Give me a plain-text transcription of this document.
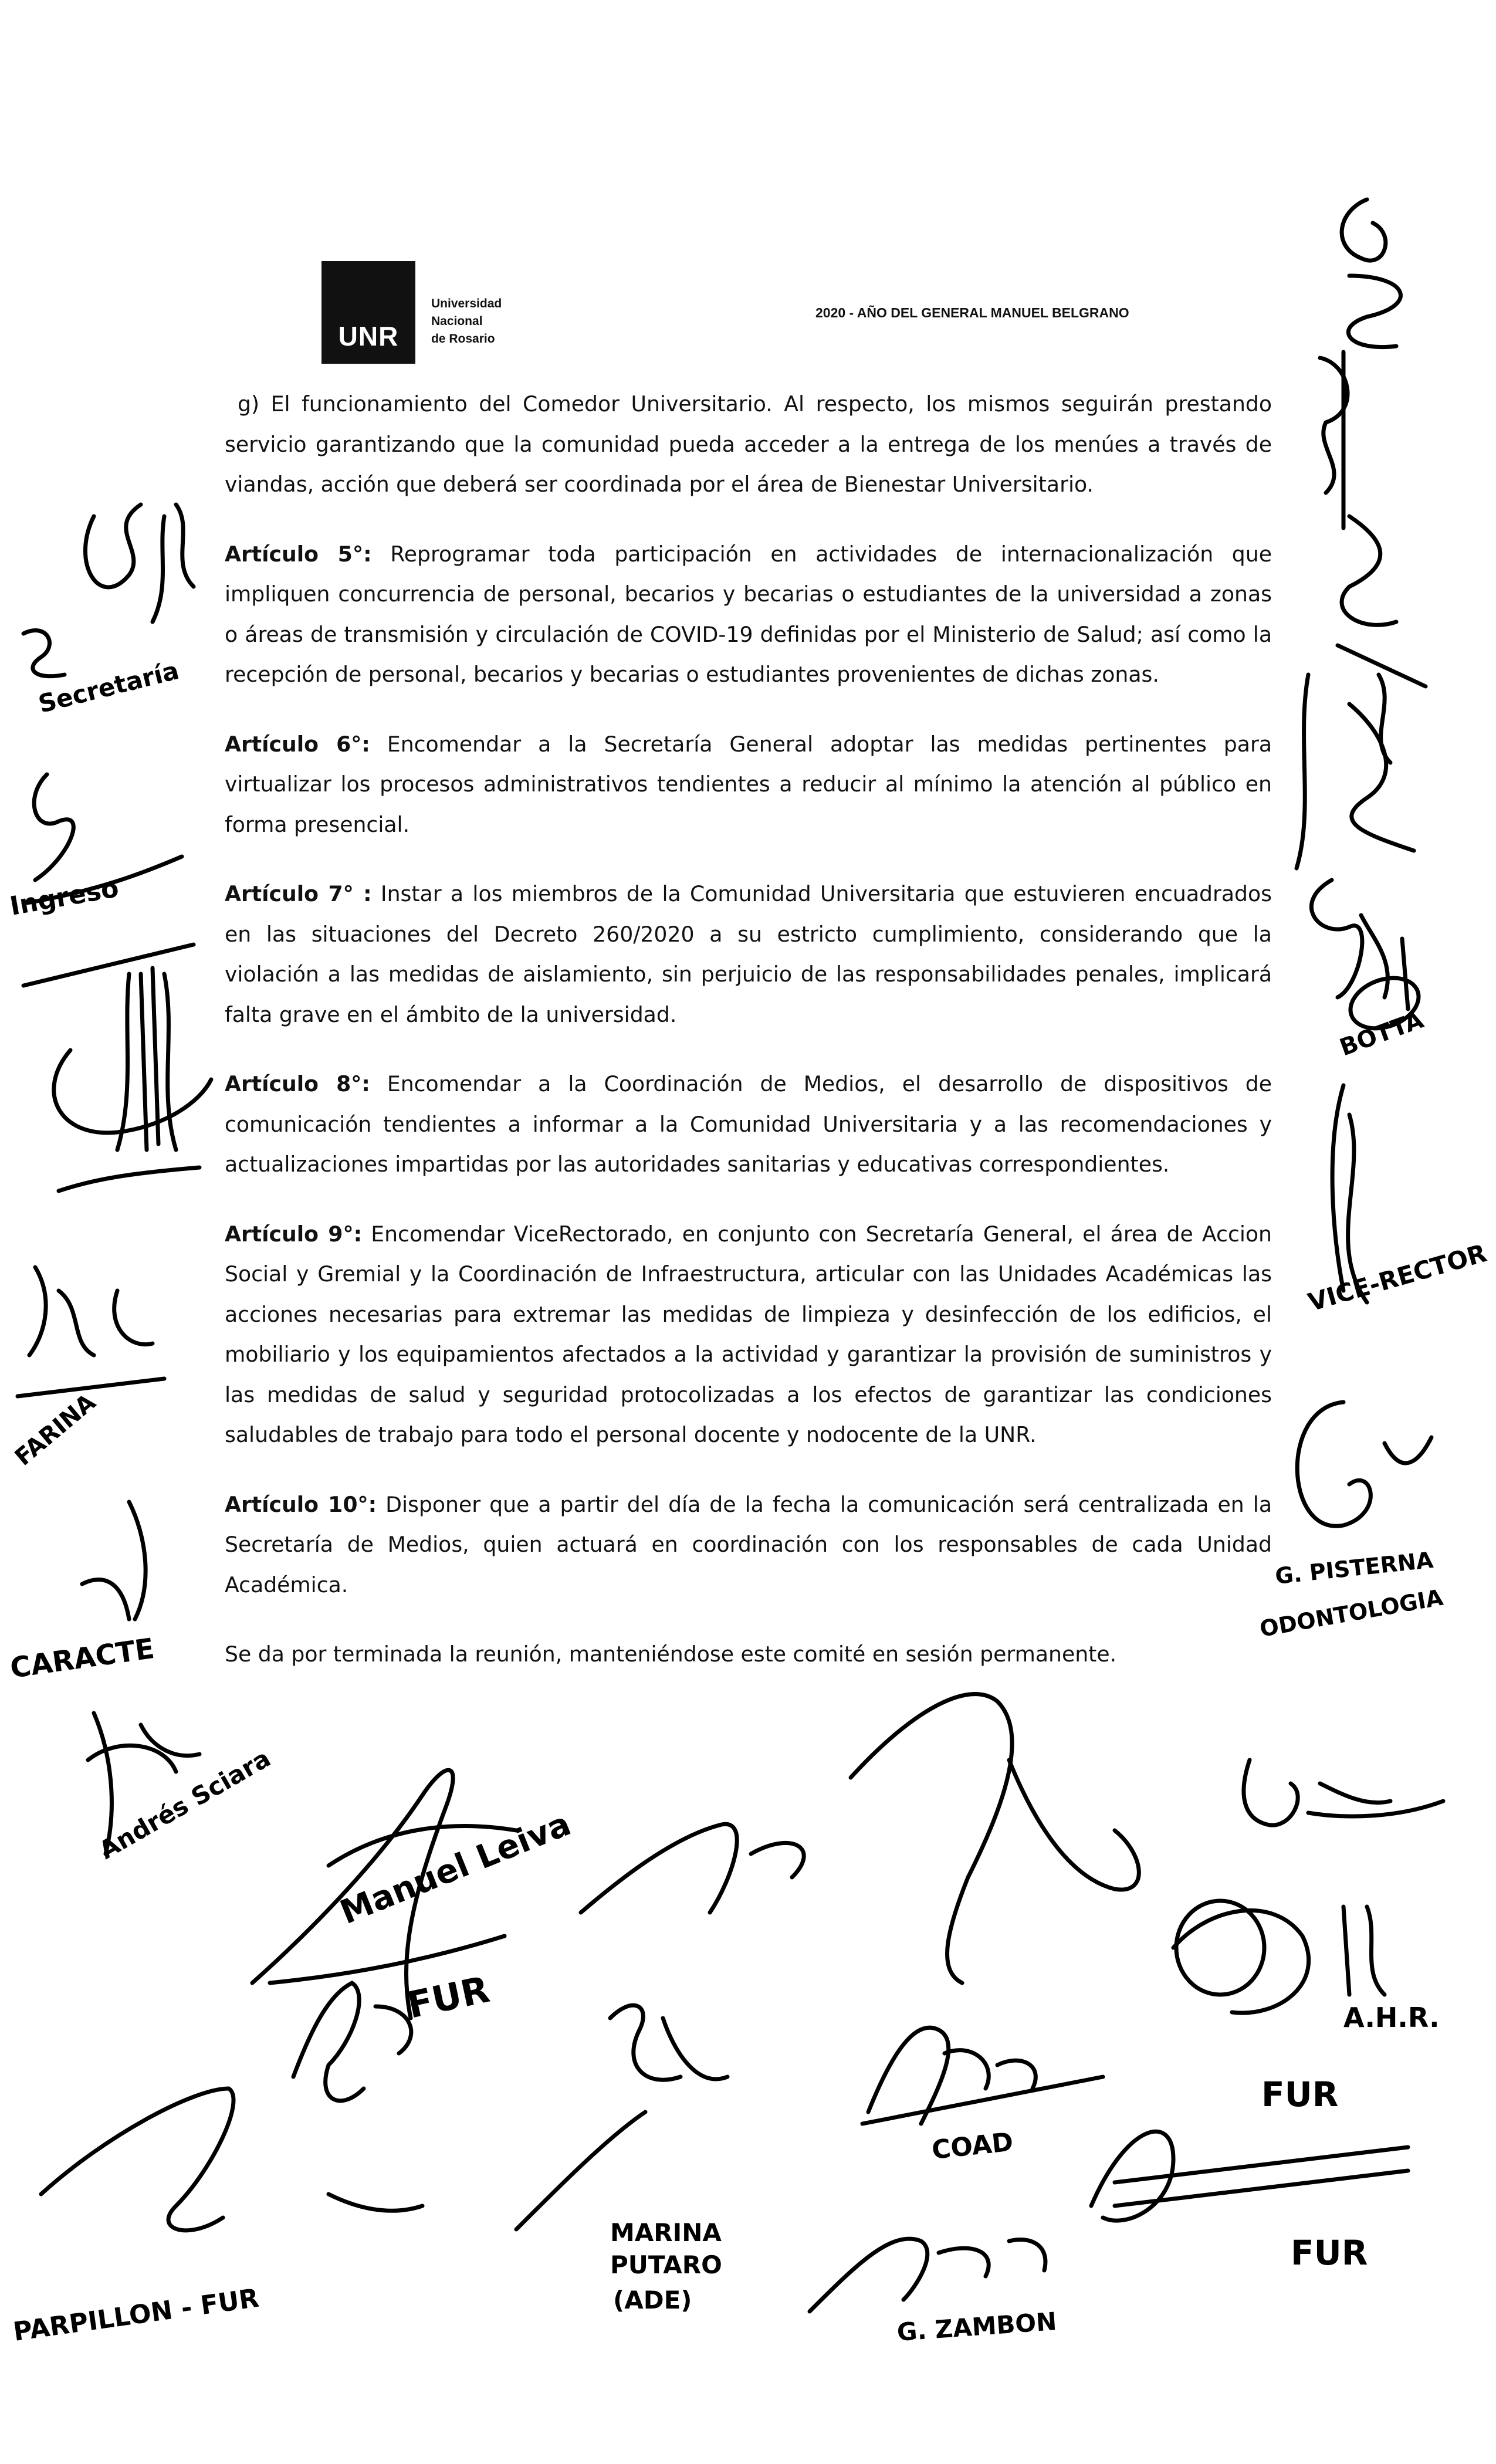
UNR
Universidad
Nacional
de Rosario
2020 - AÑO DEL GENERAL MANUEL BELGRANO

g) El funcionamiento del Comedor Universitario. Al respecto, los mismos seguirán prestando servicio garantizando que la comunidad pueda acceder a la entrega de los menúes a través de viandas, acción que deberá ser coordinada por el área de Bienestar Universitario.

Artículo 5°: Reprogramar toda participación en actividades de internacionalización que impliquen concurrencia de personal, becarios y becarias o estudiantes de la universidad a zonas o áreas de transmisión y circulación de COVID-19 definidas por el Ministerio de Salud; así como la recepción de personal, becarios y becarias o estudiantes provenientes de dichas zonas.

Artículo 6°: Encomendar a la Secretaría General adoptar las medidas pertinentes para virtualizar los procesos administrativos tendientes a reducir al mínimo la atención al público en forma presencial.

Artículo 7° : Instar a los miembros de la Comunidad Universitaria que estuvieren encuadrados en las situaciones del Decreto 260/2020 a su estricto cumplimiento, considerando que la violación a las medidas de aislamiento, sin perjuicio de las responsabilidades penales, implicará falta grave en el ámbito de la universidad.

Artículo 8°: Encomendar a la Coordinación de Medios, el desarrollo de dispositivos de comunicación tendientes a informar a la Comunidad Universitaria y a las recomendaciones y actualizaciones impartidas por las autoridades sanitarias y educativas correspondientes.

Artículo 9°: Encomendar ViceRectorado, en conjunto con Secretaría General, el área de Accion Social y Gremial y la Coordinación de Infraestructura, articular con las Unidades Académicas las acciones necesarias para extremar las medidas de limpieza y desinfección de los edificios, el mobiliario y los equipamientos afectados a la actividad y garantizar la provisión de suministros y las medidas de salud y seguridad protocolizadas a los efectos de garantizar las condiciones saludables de trabajo para todo el personal docente y nodocente de la UNR.

Artículo 10°: Disponer que a partir del día de la fecha la comunicación será centralizada en la Secretaría de Medios, quien actuará en coordinación con los responsables de cada Unidad Académica.

Se da por terminada la reunión, manteniéndose este comité en sesión permanente.

Secretaría
Ingreso
FARINA
CARACTE
Andrés Sciara
BOTTA
VICE-RECTOR
G. PISTERNA
ODONTOLOGIA
Manuel Leiva
FUR
PARPILLON - FUR
MARINA
PUTARO
(ADE)
COAD
G. ZAMBON
A.H.R.
FUR
FUR
